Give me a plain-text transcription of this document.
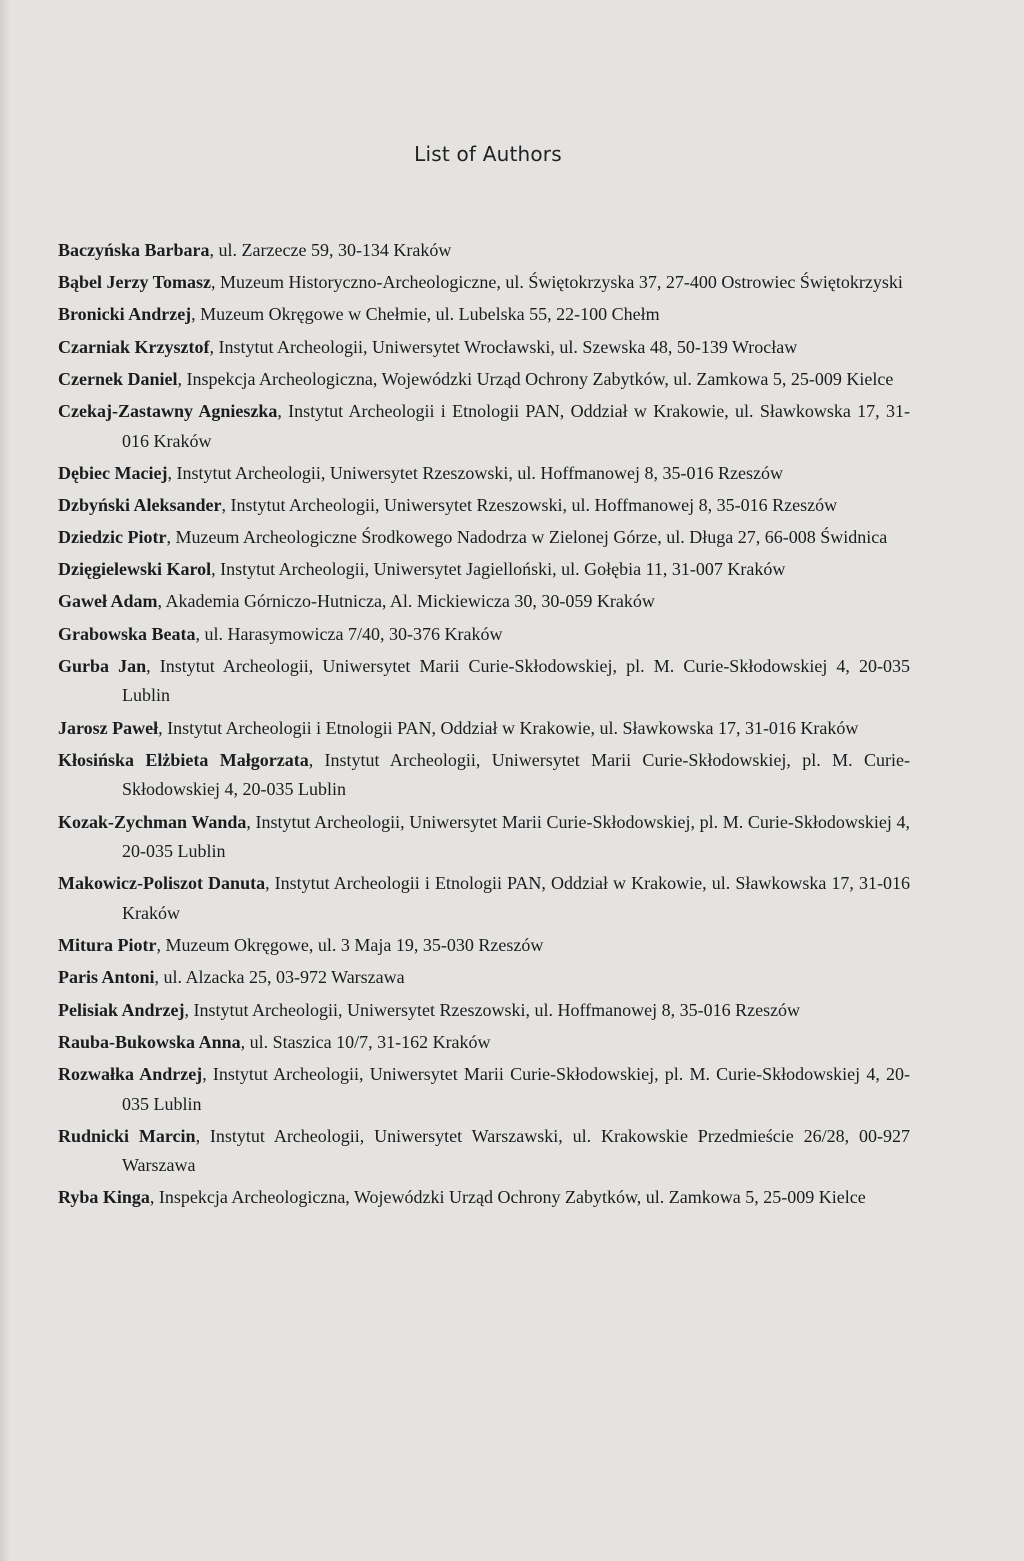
List of Authors

Baczyńska Barbara, ul. Zarzecze 59, 30-134 Kraków

Bąbel Jerzy Tomasz, Muzeum Historyczno-Archeologiczne, ul. Świętokrzyska 37, 27-400 Ostrowiec Świętokrzyski

Bronicki Andrzej, Muzeum Okręgowe w Chełmie, ul. Lubelska 55, 22-100 Chełm

Czarniak Krzysztof, Instytut Archeologii, Uniwersytet Wrocławski, ul. Szewska 48, 50-139 Wrocław

Czernek Daniel, Inspekcja Archeologiczna, Wojewódzki Urząd Ochrony Zabytków, ul. Zamkowa 5, 25-009 Kielce

Czekaj-Zastawny Agnieszka, Instytut Archeologii i Etnologii PAN, Oddział w Krakowie, ul. Sławkowska 17, 31-016 Kraków

Dębiec Maciej, Instytut Archeologii, Uniwersytet Rzeszowski, ul. Hoffmanowej 8, 35-016 Rzeszów

Dzbyński Aleksander, Instytut Archeologii, Uniwersytet Rzeszowski, ul. Hoffmanowej 8, 35-016 Rzeszów

Dziedzic Piotr, Muzeum Archeologiczne Środkowego Nadodrza w Zielonej Górze, ul. Długa 27, 66-008 Świdnica

Dzięgielewski Karol, Instytut Archeologii, Uniwersytet Jagielloński, ul. Gołębia 11, 31-007 Kraków

Gaweł Adam, Akademia Górniczo-Hutnicza, Al. Mickiewicza 30, 30-059 Kraków

Grabowska Beata, ul. Harasymowicza 7/40, 30-376 Kraków

Gurba Jan, Instytut Archeologii, Uniwersytet Marii Curie-Skłodowskiej, pl. M. Curie-Skłodowskiej 4, 20-035 Lublin

Jarosz Paweł, Instytut Archeologii i Etnologii PAN, Oddział w Krakowie, ul. Sławkowska 17, 31-016 Kraków

Kłosińska Elżbieta Małgorzata, Instytut Archeologii, Uniwersytet Marii Curie-Skłodowskiej, pl. M. Curie-Skłodowskiej 4, 20-035 Lublin

Kozak-Zychman Wanda, Instytut Archeologii, Uniwersytet Marii Curie-Skłodowskiej, pl. M. Curie-Skłodowskiej 4, 20-035 Lublin

Makowicz-Poliszot Danuta, Instytut Archeologii i Etnologii PAN, Oddział w Krakowie, ul. Sławkowska 17, 31-016 Kraków

Mitura Piotr, Muzeum Okręgowe, ul. 3 Maja 19, 35-030 Rzeszów

Paris Antoni, ul. Alzacka 25, 03-972 Warszawa

Pelisiak Andrzej, Instytut Archeologii, Uniwersytet Rzeszowski, ul. Hoffmanowej 8, 35-016 Rzeszów

Rauba-Bukowska Anna, ul. Staszica 10/7, 31-162 Kraków

Rozwałka Andrzej, Instytut Archeologii, Uniwersytet Marii Curie-Skłodowskiej, pl. M. Curie-Skłodowskiej 4, 20-035 Lublin

Rudnicki Marcin, Instytut Archeologii, Uniwersytet Warszawski, ul. Krakowskie Przedmieście 26/28, 00-927 Warszawa

Ryba Kinga, Inspekcja Archeologiczna, Wojewódzki Urząd Ochrony Zabytków, ul. Zamkowa 5, 25-009 Kielce
